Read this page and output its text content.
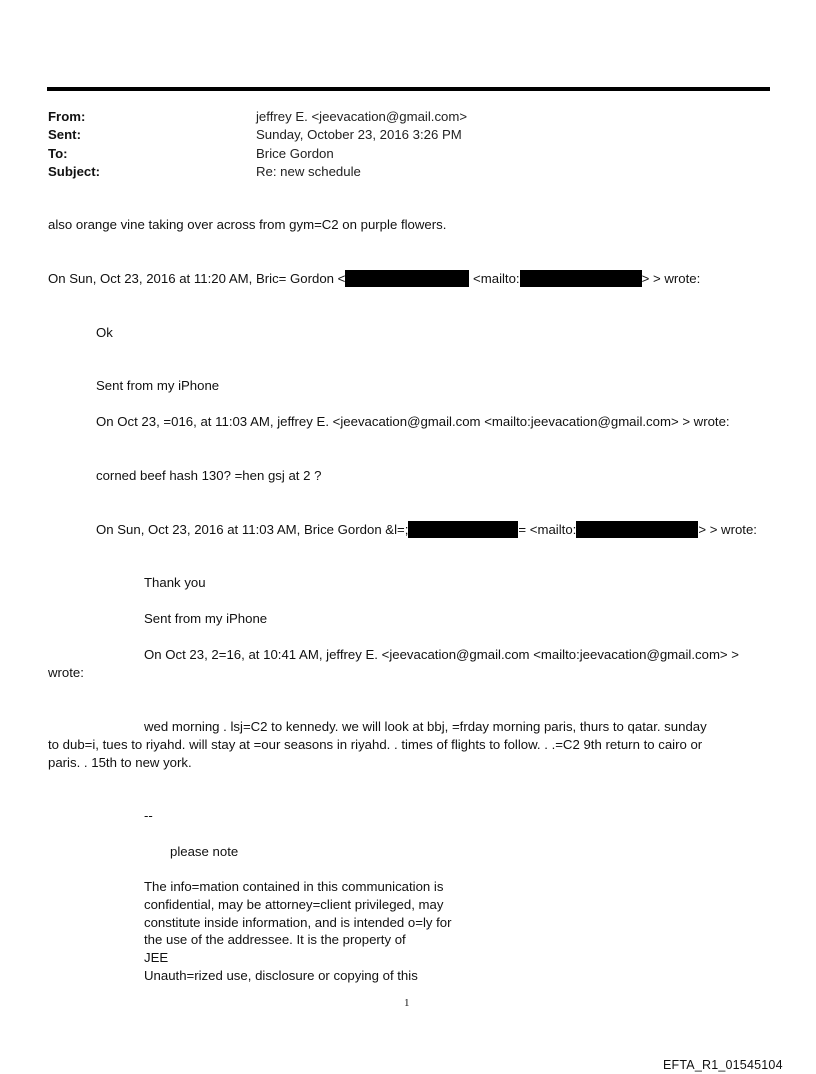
From:	jeffrey E. <jeevacation@gmail.com>
Sent:	Sunday, October 23, 2016 3:26 PM
To:	Brice Gordon
Subject:	Re: new schedule
also orange vine taking over across from gym=C2 on purple flowers.
On Sun, Oct 23, 2016 at 11:20 AM, Bric= Gordon <	<mailto:	> > wrote:
Ok
Sent from my iPhone
On Oct 23, =016, at 11:03 AM, jeffrey E. <jeevacation@gmail.com <mailto:jeevacation@gmail.com> > wrote:
corned beef hash 130? =hen gsj at 2 ?
On Sun, Oct 23, 2016 at 11:03 AM, Brice Gordon &l=;	= <mailto:	> > wrote:
Thank you
Sent from my iPhone
On Oct 23, 2=16, at 10:41 AM, jeffrey E. <jeevacation@gmail.com <mailto:jeevacation@gmail.com> >
wrote:
wed morning . lsj=C2 to kennedy. we will look at bbj, =frday morning paris, thurs to qatar. sunday
to dub=i, tues to riyahd. will stay at =our seasons in riyahd. . times of flights to follow. . .=C2 9th return to cairo or
paris. . 15th to new york.
--
please note
The info=mation contained in this communication is
confidential, may be attorney=client privileged, may
constitute inside information, and is intended o=ly for
the use of the addressee. It is the property of
JEE
Unauth=rized use, disclosure or copying of this
1
EFTA_R1_01545104
